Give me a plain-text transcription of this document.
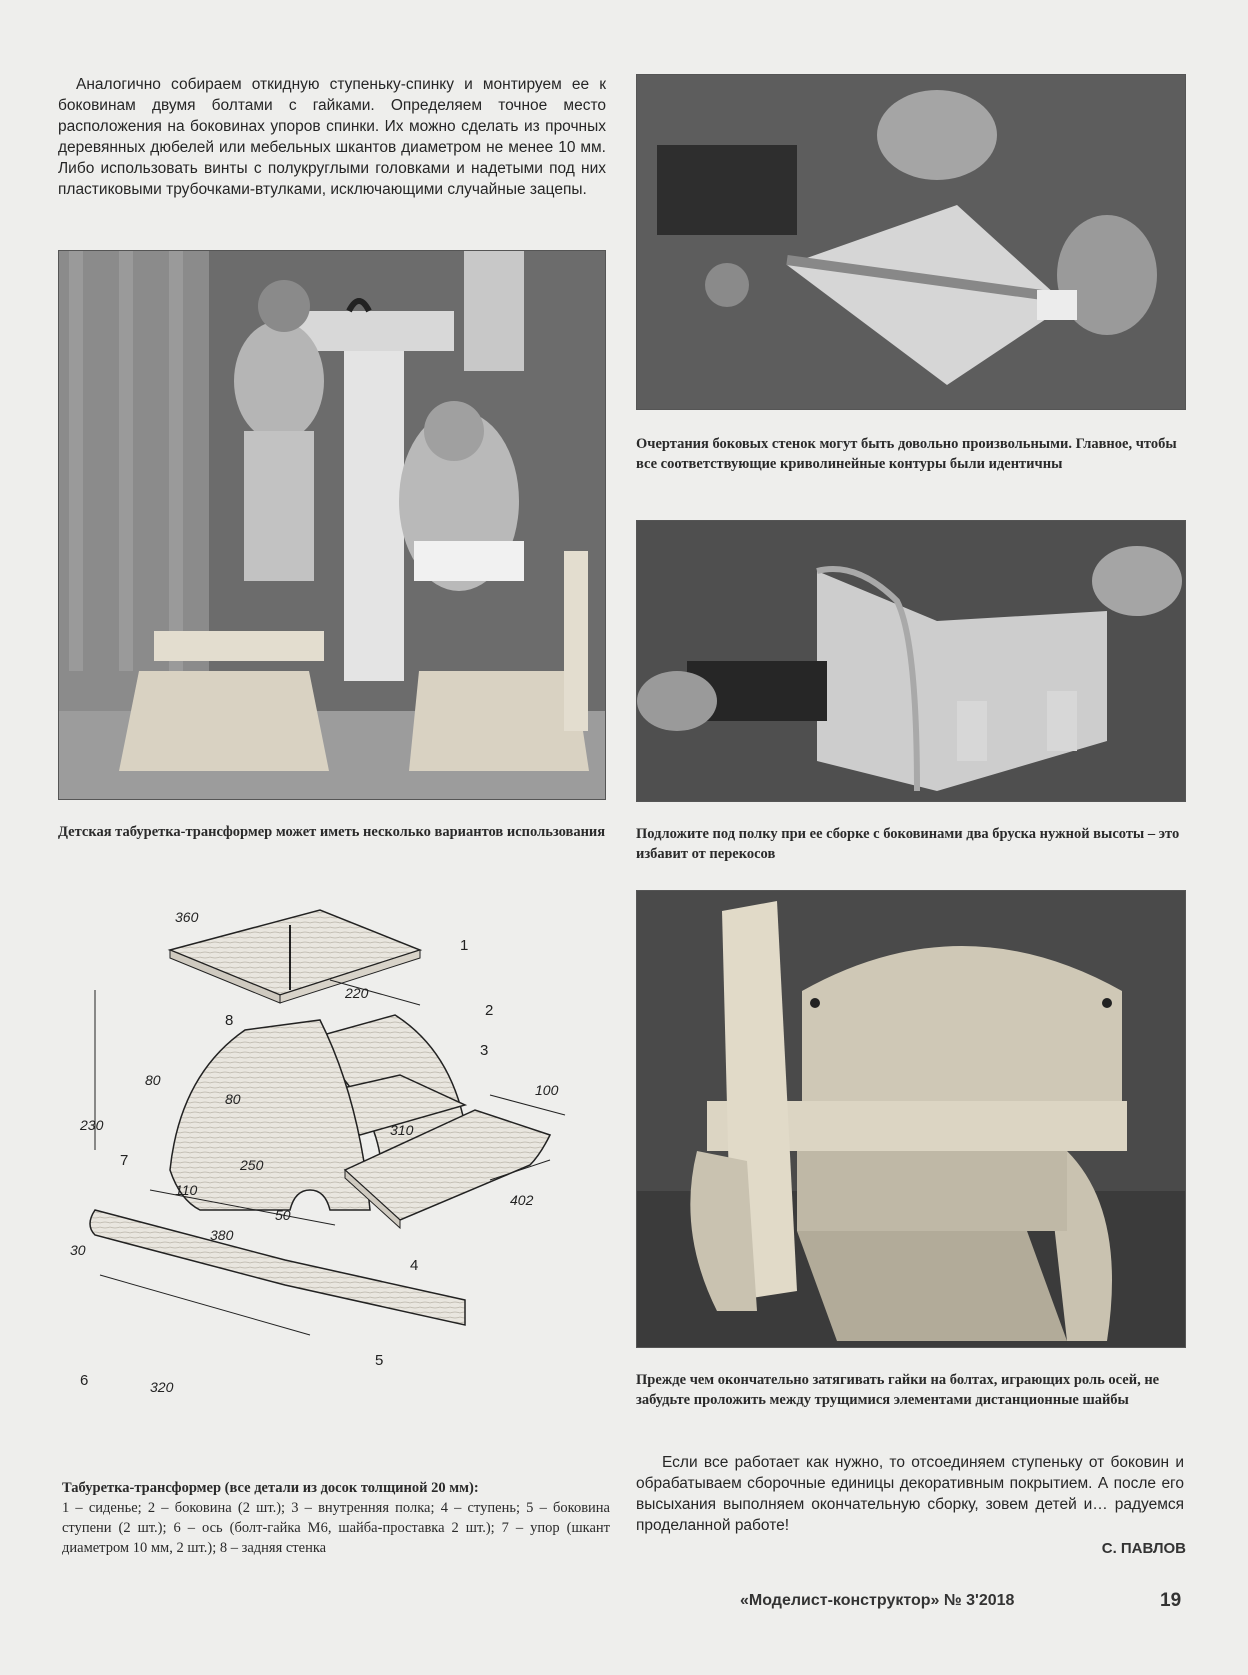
Аналогично собираем откидную ступеньку-спинку и монтируем ее к боковинам двумя болтами с гайками. Определяем точное место расположения на боковинах упоров спинки. Их можно сделать из прочных деревянных дюбелей или мебельных шкантов диаметром не менее 10 мм. Либо использовать винты с полукруглыми головками и надетыми под них пластиковыми трубочками-втулками, исключающими случайные зацепы.

Детская табуретка-трансформер может иметь несколько вариантов использования

Очертания боковых стенок могут быть довольно произвольными. Главное, чтобы все соответствующие криволинейные контуры были идентичны

Подложите под полку при ее сборке с боковинами два бруска нужной высоты – это избавит от перекосов

Прежде чем окончательно затягивать гайки на болтах, играющих роль осей, не забудьте проложить между трущимися элементами дистанционные шайбы

360
220
80
80
230	310
100
250
110
50
380
402
30
320
1
2
3
4
5
6
7
8

Табуретка-трансформер (все детали из досок толщиной 20 мм):
1 – сиденье; 2 – боковина (2 шт.); 3 – внутренняя полка; 4 – ступень; 5 – боковина ступени (2 шт.); 6 – ось (болт-гайка М6, шайба-проставка 2 шт.); 7 – упор (шкант диаметром 10 мм, 2 шт.); 8 – задняя стенка

Если все работает как нужно, то отсоединяем ступеньку от боковин и обрабатываем сборочные единицы декоративным покрытием. А после его высыхания выполняем окончательную сборку, зовем детей и… радуемся проделанной работе!

С. ПАВЛОВ
«Моделист-конструктор» № 3'2018	19
